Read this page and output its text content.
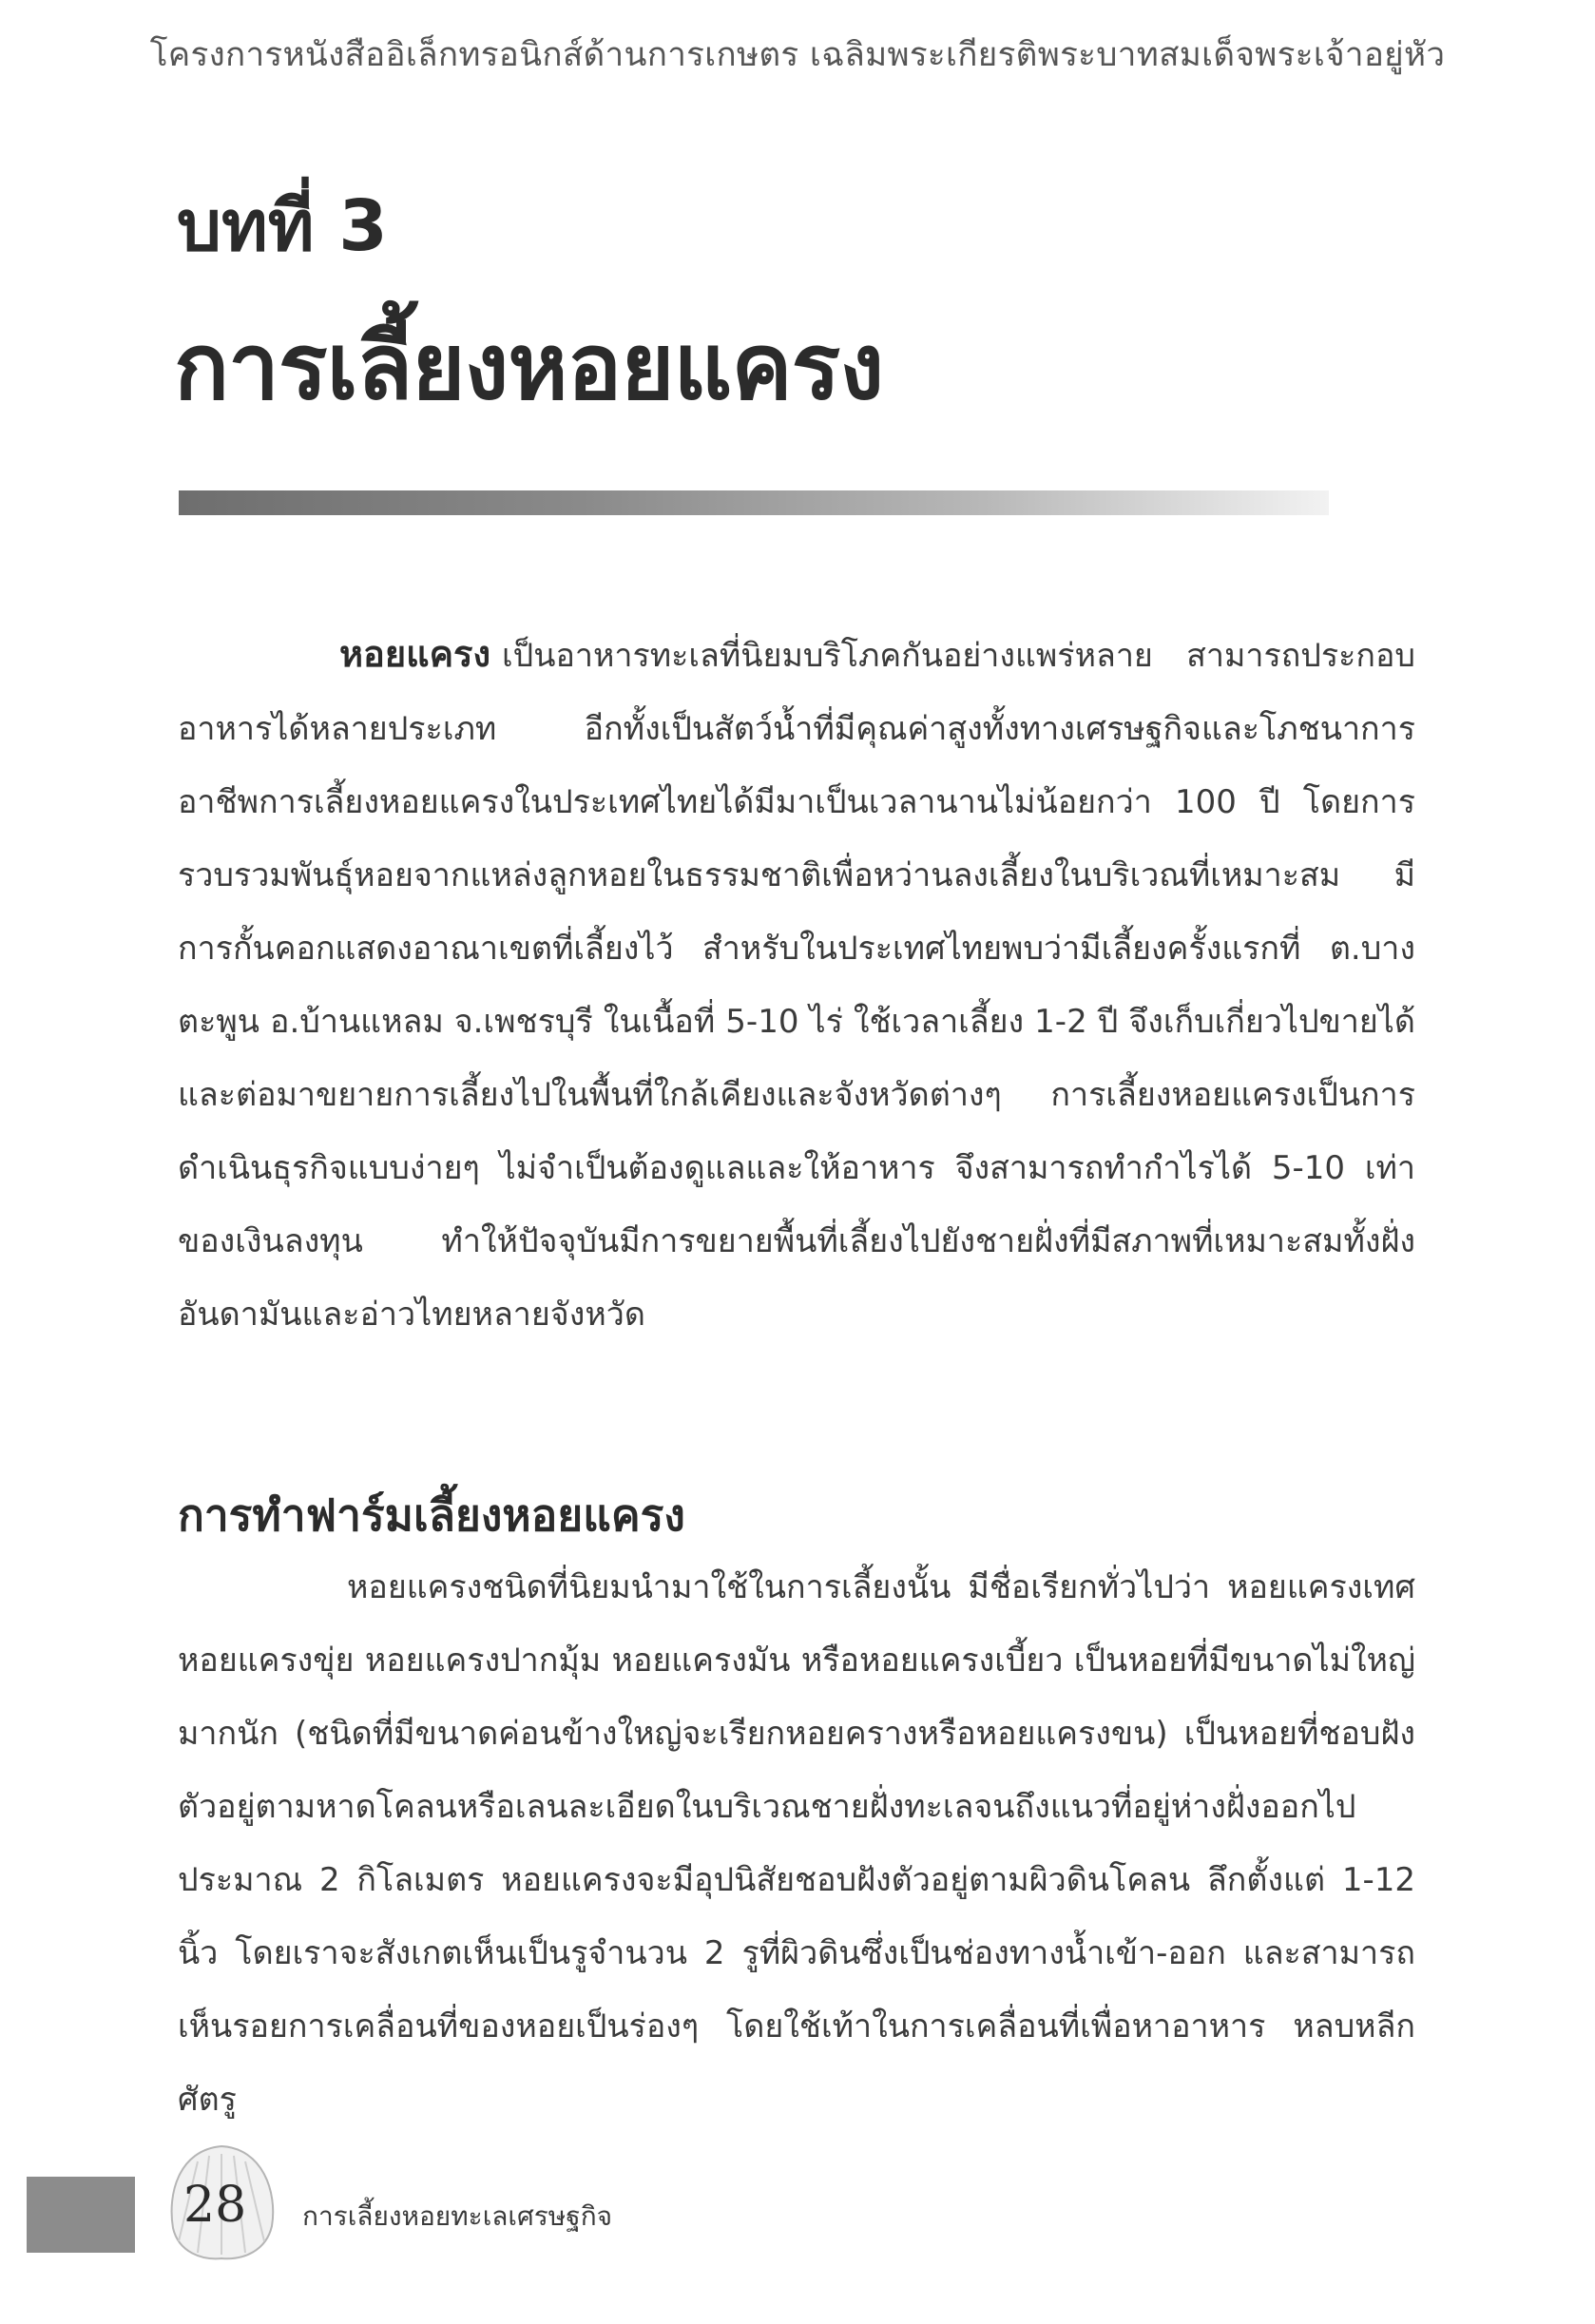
โครงการหนังสืออิเล็กทรอนิกส์ด้านการเกษตร เฉลิมพระเกียรติพระบาทสมเด็จพระเจ้าอยู่หัว
บทที่ 3
การเลี้ยงหอยแครง

หอยแครง เป็นอาหารทะเลที่นิยมบริโภคกันอย่างแพร่หลาย สามารถประกอบอาหารได้หลายประเภท อีกทั้งเป็นสัตว์น้ำที่มีคุณค่าสูงทั้งทางเศรษฐกิจและโภชนาการ อาชีพการเลี้ยงหอยแครงในประเทศไทยได้มีมาเป็นเวลานานไม่น้อยกว่า 100 ปี โดยการรวบรวมพันธุ์หอยจากแหล่งลูกหอยในธรรมชาติเพื่อหว่านลงเลี้ยงในบริเวณที่เหมาะสม มีการกั้นคอกแสดงอาณาเขตที่เลี้ยงไว้ สำหรับในประเทศไทยพบว่ามีเลี้ยงครั้งแรกที่ ต.บางตะพูน อ.บ้านแหลม จ.เพชรบุรี ในเนื้อที่ 5-10 ไร่ ใช้เวลาเลี้ยง 1-2 ปี จึงเก็บเกี่ยวไปขายได้ และต่อมาขยายการเลี้ยงไปในพื้นที่ใกล้เคียงและจังหวัดต่างๆ การเลี้ยงหอยแครงเป็นการดำเนินธุรกิจแบบง่ายๆ ไม่จำเป็นต้องดูแลและให้อาหาร จึงสามารถทำกำไรได้ 5-10 เท่าของเงินลงทุน ทำให้ปัจจุบันมีการขยายพื้นที่เลี้ยงไปยังชายฝั่งที่มีสภาพที่เหมาะสมทั้งฝั่งอันดามันและอ่าวไทยหลายจังหวัด

การทำฟาร์มเลี้ยงหอยแครง

หอยแครงชนิดที่นิยมนำมาใช้ในการเลี้ยงนั้น มีชื่อเรียกทั่วไปว่า หอยแครงเทศ หอยแครงขุ่ย หอยแครงปากมุ้ม หอยแครงมัน หรือหอยแครงเบี้ยว เป็นหอยที่มีขนาดไม่ใหญ่มากนัก (ชนิดที่มีขนาดค่อนข้างใหญ่จะเรียกหอยครางหรือหอยแครงขน) เป็นหอยที่ชอบฝังตัวอยู่ตามหาดโคลนหรือเลนละเอียดในบริเวณชายฝั่งทะเลจนถึงแนวที่อยู่ห่างฝั่งออกไปประมาณ 2 กิโลเมตร หอยแครงจะมีอุปนิสัยชอบฝังตัวอยู่ตามผิวดินโคลน ลึกตั้งแต่ 1-12 นิ้ว โดยเราจะสังเกตเห็นเป็นรูจำนวน 2 รูที่ผิวดินซึ่งเป็นช่องทางน้ำเข้า-ออก และสามารถเห็นรอยการเคลื่อนที่ของหอยเป็นร่องๆ โดยใช้เท้าในการเคลื่อนที่เพื่อหาอาหาร หลบหลีกศัตรู

28 การเลี้ยงหอยทะเลเศรษฐกิจ
